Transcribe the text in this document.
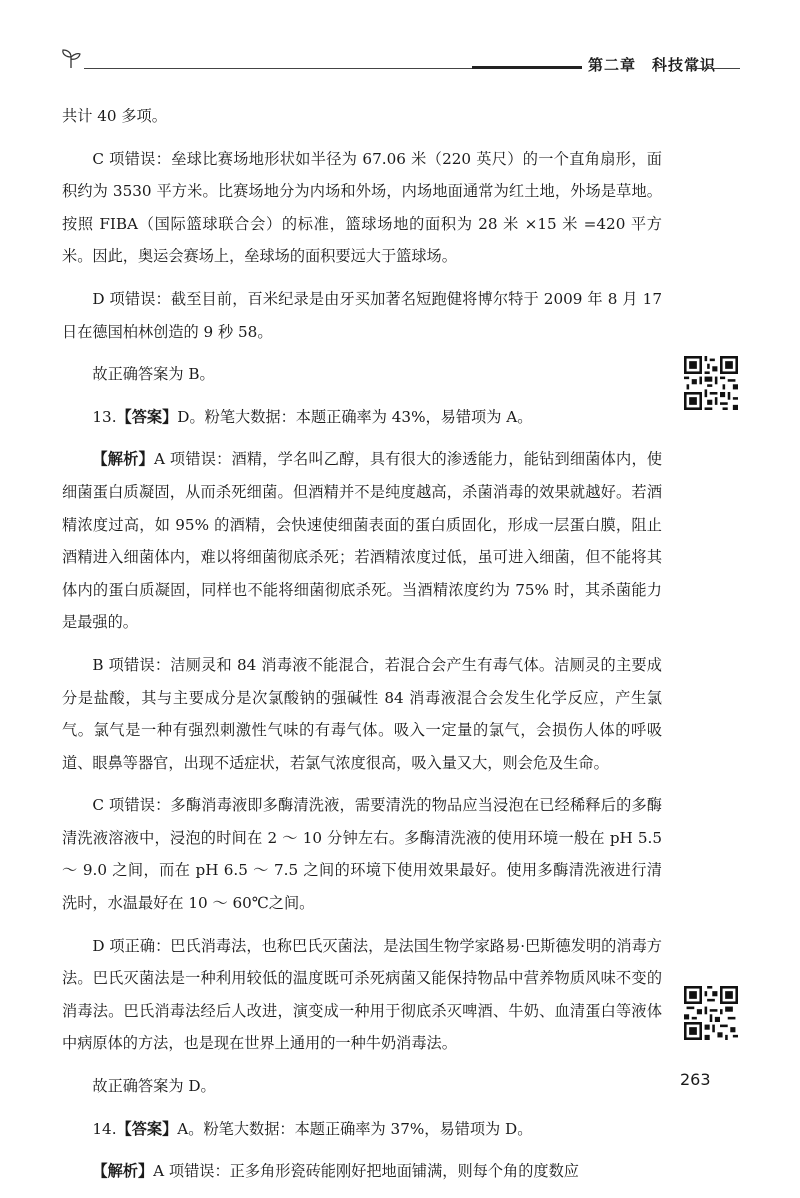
第二章　科技常识

共计 40 多项。

C 项错误：垒球比赛场地形状如半径为 67.06 米（220 英尺）的一个直角扇形，面积约为 3530 平方米。比赛场地分为内场和外场，内场地面通常为红土地，外场是草地。按照 FIBA（国际篮球联合会）的标准，篮球场地的面积为 28 米 ×15 米 =420 平方米。因此，奥运会赛场上，垒球场的面积要远大于篮球场。

D 项错误：截至目前，百米纪录是由牙买加著名短跑健将博尔特于 2009 年 8 月 17 日在德国柏林创造的 9 秒 58。

故正确答案为 B。

13.【答案】D。粉笔大数据：本题正确率为 43%，易错项为 A。

【解析】A 项错误：酒精，学名叫乙醇，具有很大的渗透能力，能钻到细菌体内，使细菌蛋白质凝固，从而杀死细菌。但酒精并不是纯度越高，杀菌消毒的效果就越好。若酒精浓度过高，如 95% 的酒精，会快速使细菌表面的蛋白质固化，形成一层蛋白膜，阻止酒精进入细菌体内，难以将细菌彻底杀死；若酒精浓度过低，虽可进入细菌，但不能将其体内的蛋白质凝固，同样也不能将细菌彻底杀死。当酒精浓度约为 75% 时，其杀菌能力是最强的。

B 项错误：洁厕灵和 84 消毒液不能混合，若混合会产生有毒气体。洁厕灵的主要成分是盐酸，其与主要成分是次氯酸钠的强碱性 84 消毒液混合会发生化学反应，产生氯气。氯气是一种有强烈刺激性气味的有毒气体。吸入一定量的氯气，会损伤人体的呼吸道、眼鼻等器官，出现不适症状，若氯气浓度很高，吸入量又大，则会危及生命。

C 项错误：多酶消毒液即多酶清洗液，需要清洗的物品应当浸泡在已经稀释后的多酶清洗液溶液中，浸泡的时间在 2 ～ 10 分钟左右。多酶清洗液的使用环境一般在 pH 5.5 ～ 9.0 之间，而在 pH 6.5 ～ 7.5 之间的环境下使用效果最好。使用多酶清洗液进行清洗时，水温最好在 10 ～ 60℃之间。

D 项正确：巴氏消毒法，也称巴氏灭菌法，是法国生物学家路易·巴斯德发明的消毒方法。巴氏灭菌法是一种利用较低的温度既可杀死病菌又能保持物品中营养物质风味不变的消毒法。巴氏消毒法经后人改进，演变成一种用于彻底杀灭啤酒、牛奶、血清蛋白等液体中病原体的方法，也是现在世界上通用的一种牛奶消毒法。

故正确答案为 D。

14.【答案】A。粉笔大数据：本题正确率为 37%，易错项为 D。

【解析】A 项错误：正多角形瓷砖能刚好把地面铺满，则每个角的度数应

263
